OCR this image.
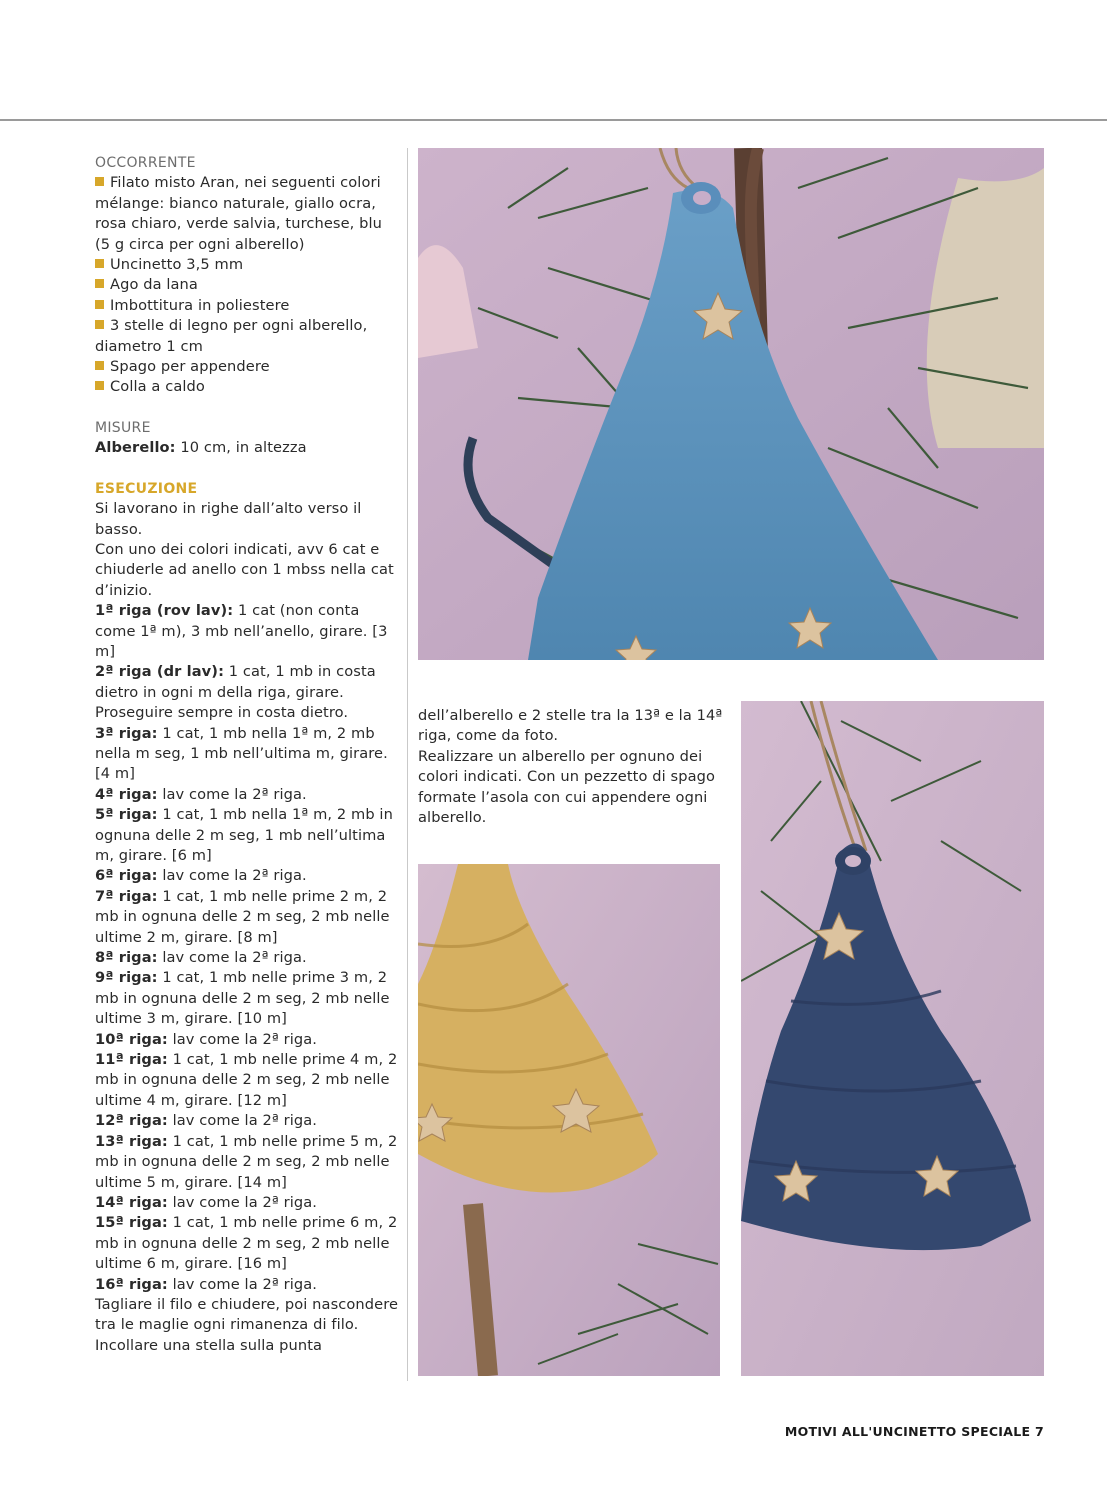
OCCORRENTE

Filato misto Aran, nei seguenti colori mélange: bianco naturale, giallo ocra, rosa chiaro, verde salvia, turchese, blu (5 g circa per ogni alberello)

Uncinetto 3,5 mm

Ago da lana

Imbottitura in poliestere

3 stelle di legno per ogni alberello, diametro 1 cm

Spago per appendere

Colla a caldo

MISURE

Alberello: 10 cm, in altezza

ESECUZIONE

Si lavorano in righe dall’alto verso il basso.

Con uno dei colori indicati, avv 6 cat e chiuderle ad anello con 1 mbss nella cat d’inizio.

1ª riga (rov lav): 1 cat (non conta come 1ª m), 3 mb nell’anello, girare. [3 m]

2ª riga (dr lav): 1 cat, 1 mb in costa dietro in ogni m della riga, girare. Proseguire sempre in costa dietro.

3ª riga: 1 cat, 1 mb nella 1ª m, 2 mb nella m seg, 1 mb nell’ultima m, girare. [4 m]

4ª riga: lav come la 2ª riga.

5ª riga: 1 cat, 1 mb nella 1ª m, 2 mb in ognuna delle 2 m seg, 1 mb nell’ultima m, girare. [6 m]

6ª riga: lav come la 2ª riga.

7ª riga: 1 cat, 1 mb nelle prime 2 m, 2 mb in ognuna delle 2 m seg, 2 mb nelle ultime 2 m, girare. [8 m]

8ª riga: lav come la 2ª riga.

9ª riga: 1 cat, 1 mb nelle prime 3 m, 2 mb in ognuna delle 2 m seg, 2 mb nelle ultime 3 m, girare. [10 m]

10ª riga: lav come la 2ª riga.

11ª riga: 1 cat, 1 mb nelle prime 4 m, 2 mb in ognuna delle 2 m seg, 2 mb nelle ultime 4 m, girare. [12 m]

12ª riga: lav come la 2ª riga.

13ª riga: 1 cat, 1 mb nelle prime 5 m, 2 mb in ognuna delle 2 m seg, 2 mb nelle ultime 5 m, girare. [14 m]

14ª riga: lav come la 2ª riga.

15ª riga: 1 cat, 1 mb nelle prime 6 m, 2 mb in ognuna delle 2 m seg, 2 mb nelle ultime 6 m, girare. [16 m]

16ª riga: lav come la 2ª riga.

Tagliare il filo e chiudere, poi nascondere tra le maglie ogni rimanenza di filo.

Incollare una stella sulla punta

dell’alberello e 2 stelle tra la 13ª e la 14ª riga, come da foto.

Realizzare un alberello per ognuno dei colori indicati. Con un pezzetto di spago formate l’asola con cui appendere ogni alberello.

MOTIVI ALL'UNCINETTO SPECIALE 7
